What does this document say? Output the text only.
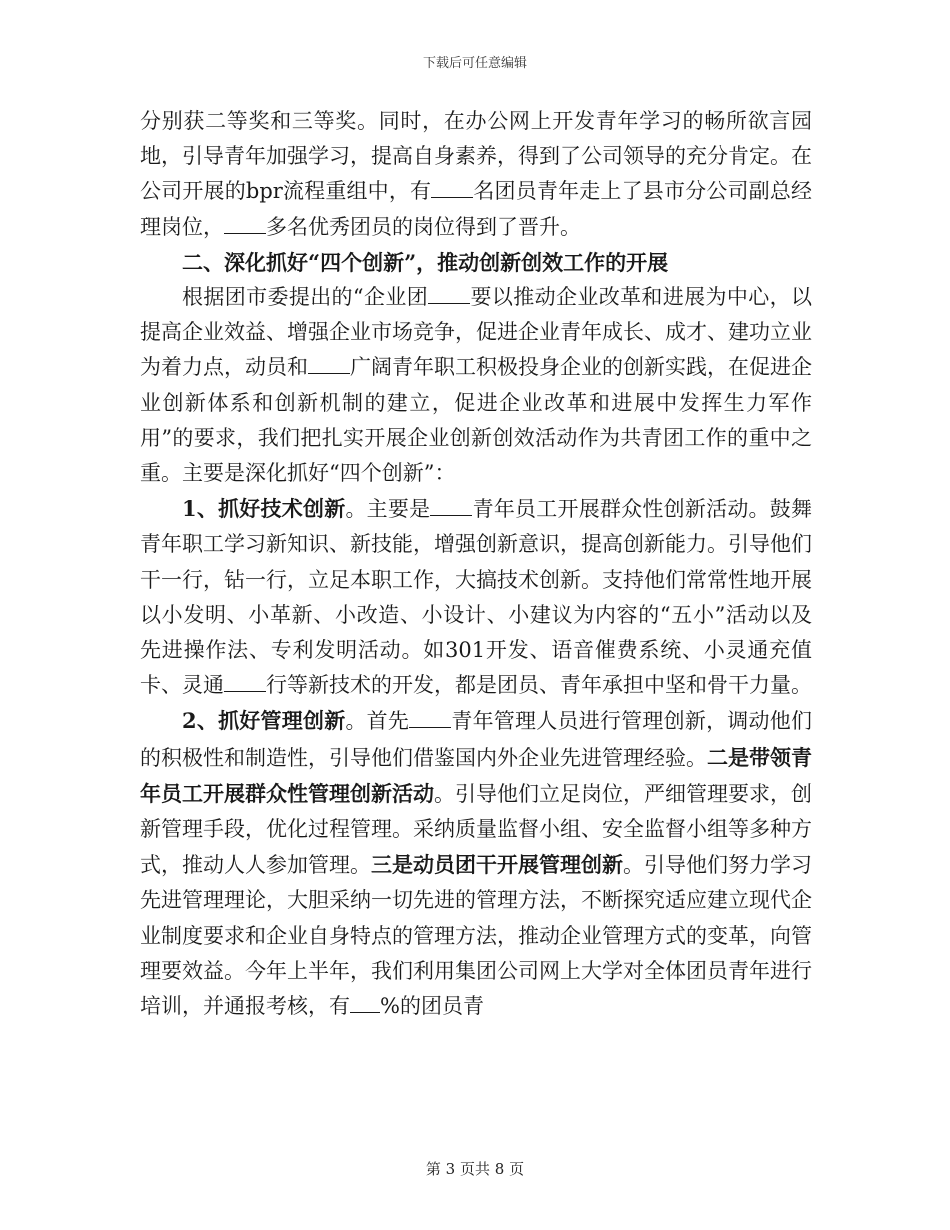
下载后可任意编辑

分别获二等奖和三等奖。同时，在办公网上开发青年学习的畅所欲言园地，引导青年加强学习，提高自身素养，得到了公司领导的充分肯定。在公司开展的bpr流程重组中，有 名团员青年走上了县市分公司副总经理岗位， 多名优秀团员的岗位得到了晋升。

二、深化抓好“四个创新”，推动创新创效工作的开展

根据团市委提出的“企业团 要以推动企业改革和进展为中心，以提高企业效益、增强企业市场竞争，促进企业青年成长、成才、建功立业为着力点，动员和 广阔青年职工积极投身企业的创新实践，在促进企业创新体系和创新机制的建立，促进企业改革和进展中发挥生力军作用”的要求，我们把扎实开展企业创新创效活动作为共青团工作的重中之重。主要是深化抓好“四个创新”：

1、抓好技术创新。主要是 青年员工开展群众性创新活动。鼓舞青年职工学习新知识、新技能，增强创新意识，提高创新能力。引导他们干一行，钻一行，立足本职工作，大搞技术创新。支持他们常常性地开展以小发明、小革新、小改造、小设计、小建议为内容的“五小”活动以及先进操作法、专利发明活动。如301开发、语音催费系统、小灵通充值卡、灵通 行等新技术的开发，都是团员、青年承担中坚和骨干力量。

2、抓好管理创新。首先 青年管理人员进行管理创新，调动他们的积极性和制造性，引导他们借鉴国内外企业先进管理经验。二是带领青年员工开展群众性管理创新活动。引导他们立足岗位，严细管理要求，创新管理手段，优化过程管理。采纳质量监督小组、安全监督小组等多种方式，推动人人参加管理。三是动员团干开展管理创新。引导他们努力学习先进管理理论，大胆采纳一切先进的管理方法，不断探究适应建立现代企业制度要求和企业自身特点的管理方法，推动企业管理方式的变革，向管理要效益。今年上半年，我们利用集团公司网上大学对全体团员青年进行培训，并通报考核，有 %的团员青

第 3 页共 8 页
